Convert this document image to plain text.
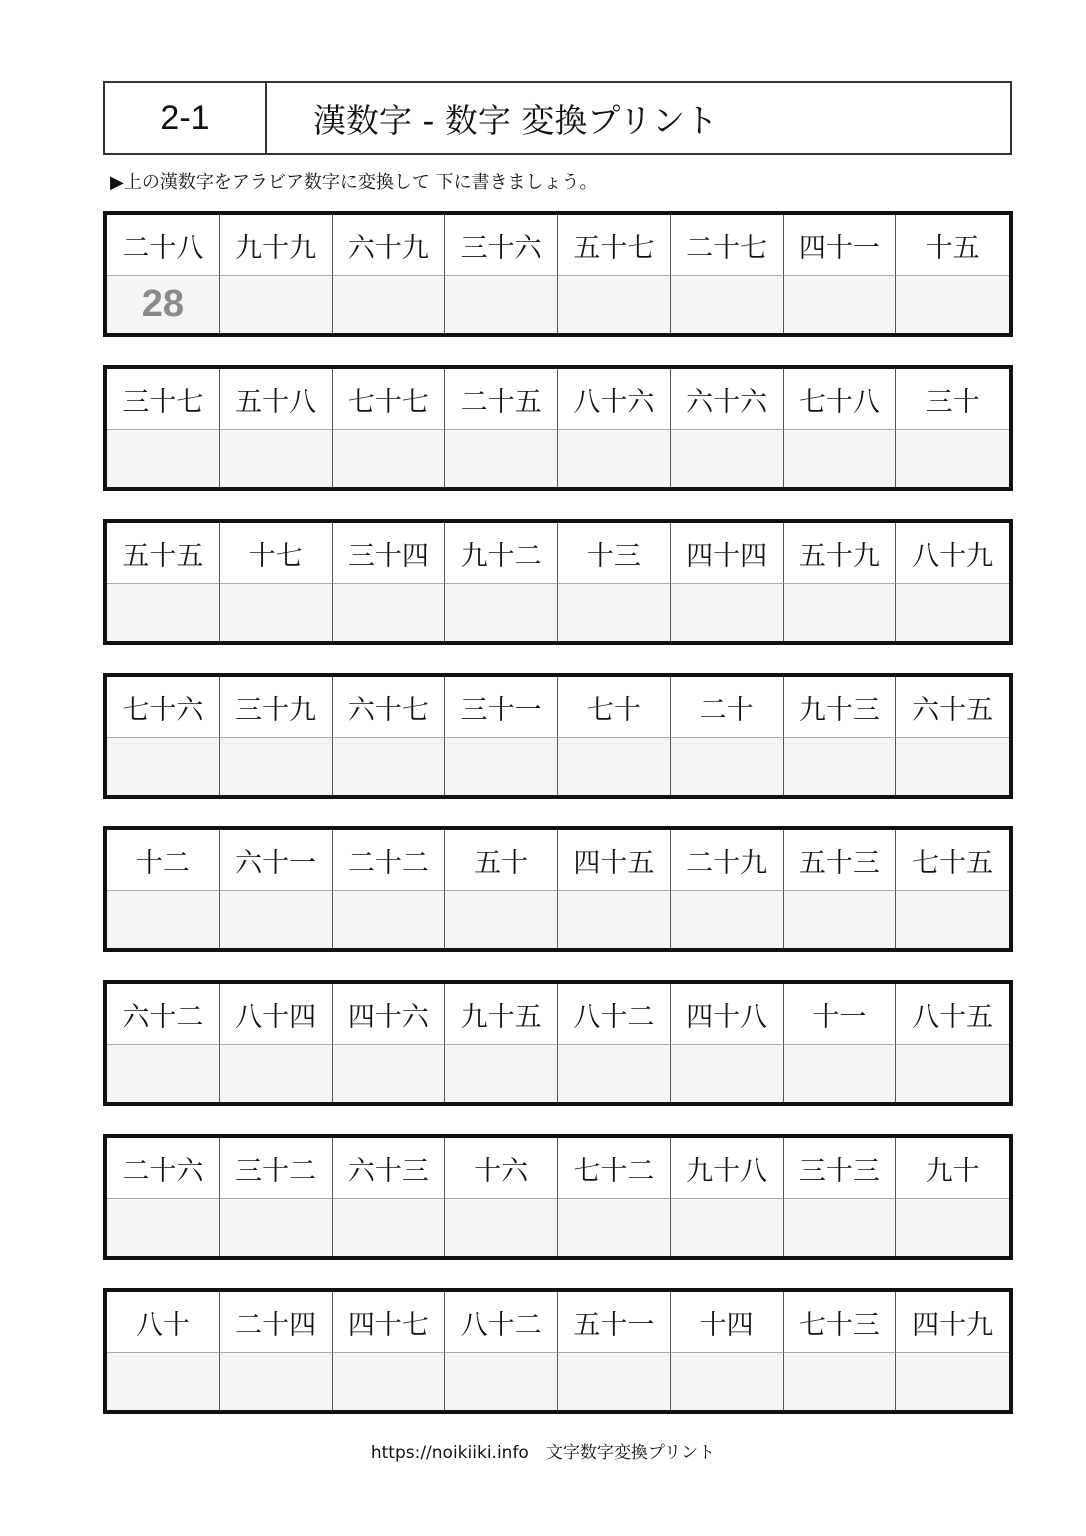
2-1	漢数字 - 数字 変換プリント
▶上の漢数字をアラビア数字に変換して 下に書きましょう。
二十八	九十九	六十九	三十六	五十七	二十七	四十一	十五
28
三十七	五十八	七十七	二十五	八十六	六十六	七十八	三十
五十五	十七	三十四	九十二	十三	四十四	五十九	八十九
七十六	三十九	六十七	三十一	七十	二十	九十三	六十五
十二	六十一	二十二	五十	四十五	二十九	五十三	七十五
六十二	八十四	四十六	九十五	八十二	四十八	十一	八十五
二十六	三十二	六十三	十六	七十二	九十八	三十三	九十
八十	二十四	四十七	八十二	五十一	十四	七十三	四十九
https://noikiiki.info　文字数字変換プリント
